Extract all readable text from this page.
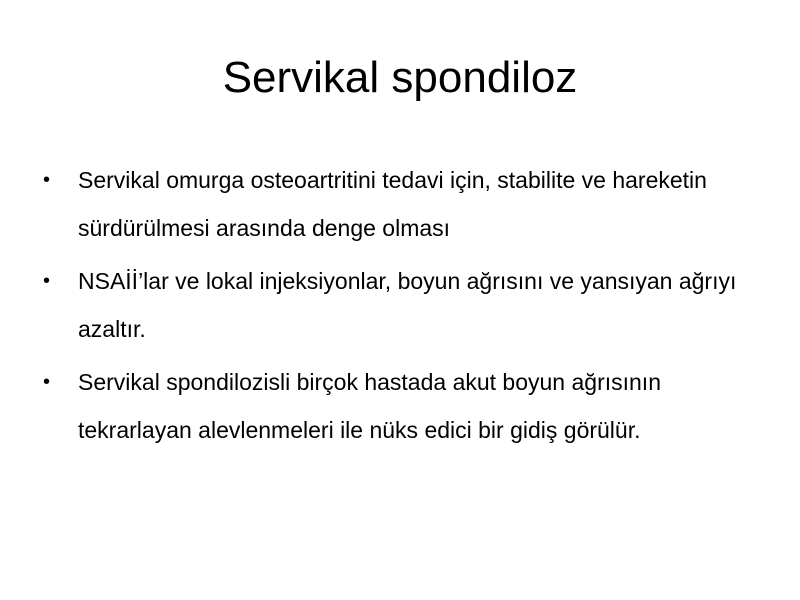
Servikal spondiloz
• Servikal omurga osteoartritini tedavi için, stabilite ve hareketin sürdürülmesi arasında denge olması
• NSAİİ’lar ve lokal injeksiyonlar, boyun ağrısını ve yansıyan ağrıyı azaltır.
• Servikal spondilozisli birçok hastada akut boyun ağrısının tekrarlayan alevlenmeleri ile nüks edici bir gidiş görülür.
